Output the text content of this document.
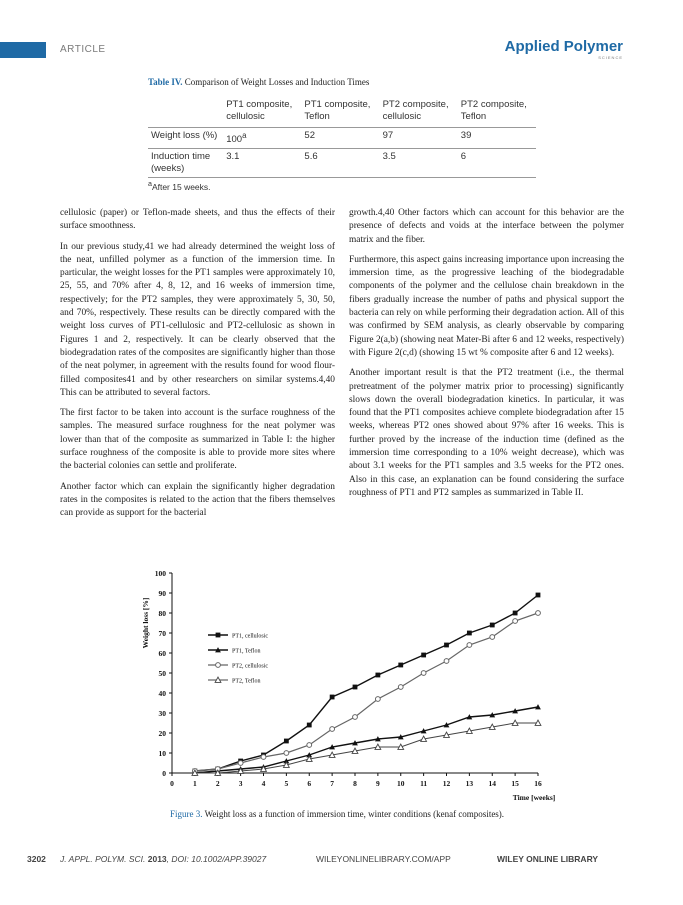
ARTICLE	Applied Polymer
SCIENCE
Table IV. Comparison of Weight Losses and Induction Times
	PT1 composite, cellulosic	PT1 composite, Teflon	PT2 composite, cellulosic	PT2 composite, Teflon
Weight loss (%)	100$^a$	52	97	39
Induction time (weeks)	3.1	5.6	3.5	6
$^a$After 15 weeks.

cellulosic (paper) or Teflon-made sheets, and thus the effects of their surface smoothness.

In our previous study,41 we had already determined the weight loss of the neat, unfilled polymer as a function of the immersion time. In particular, the weight losses for the PT1 samples were approximately 10, 25, 55, and 70% after 4, 8, 12, and 16 weeks of immersion time, respectively; for the PT2 samples, they were approximately 5, 30, 50, and 70%, respectively. These results can be directly compared with the weight loss curves of PT1-cellulosic and PT2-cellulosic as shown in Figures 1 and 2, respectively. It can be clearly observed that the biodegradation rates of the composites are significantly higher than those of the neat polymer, in agreement with the results found for wood flour-filled composites41 and by other researchers on similar systems.4,40 This can be attributed to several factors.

The first factor to be taken into account is the surface roughness of the samples. The measured surface roughness for the neat polymer was lower than that of the composite as summarized in Table I: the higher surface roughness of the composite is able to provide more sites where the bacterial colonies can settle and proliferate.

Another factor which can explain the significantly higher degradation rates in the composites is related to the action that the fibers themselves can provide as support for the bacterial

growth.4,40 Other factors which can account for this behavior are the presence of defects and voids at the interface between the polymer matrix and the fiber.

Furthermore, this aspect gains increasing importance upon increasing the immersion time, as the progressive leaching of the biodegradable components of the polymer and the cellulose chain breakdown in the fibers gradually increase the number of paths and physical support the bacteria can rely on while performing their degradation action. All of this was confirmed by SEM analysis, as clearly observable by comparing Figure 2(a,b) (showing neat Mater-Bi after 6 and 12 weeks, respectively) with Figure 2(c,d) (showing 15 wt % composite after 6 and 12 weeks).

Another important result is that the PT2 treatment (i.e., the thermal pretreatment of the polymer matrix prior to processing) significantly slows down the overall biodegradation kinetics. In particular, it was found that the PT1 composites achieve complete biodegradation after 15 weeks, whereas PT2 ones showed about 97% after 16 weeks. This is further proved by the increase of the induction time (defined as the immersion time corresponding to a 10% weight decrease), which was about 3.1 weeks for the PT1 samples and 3.5 weeks for the PT2 ones. Also in this case, an explanation can be found considering the surface roughness of PT1 and PT2 samples as summarized in Table II.

0
10
20
30
40
50
60
70
80
90
100
0	1	2	3	4	5	6	7	8	9 10 11 12 13 14 15 16
Time [weeks]
Weight loss [%]	PT1, cellulosic
PT1, Teflon
PT2, cellulosic
PT2, Teflon
Figure 3. Weight loss as a function of immersion time, winter conditions (kenaf composites).
3202 J. APPL. POLYM. SCI. 2013, DOI: 10.1002/APP.39027	WILEYONLINELIBRARY.COM/APP	WILEY ONLINE LIBRARY
